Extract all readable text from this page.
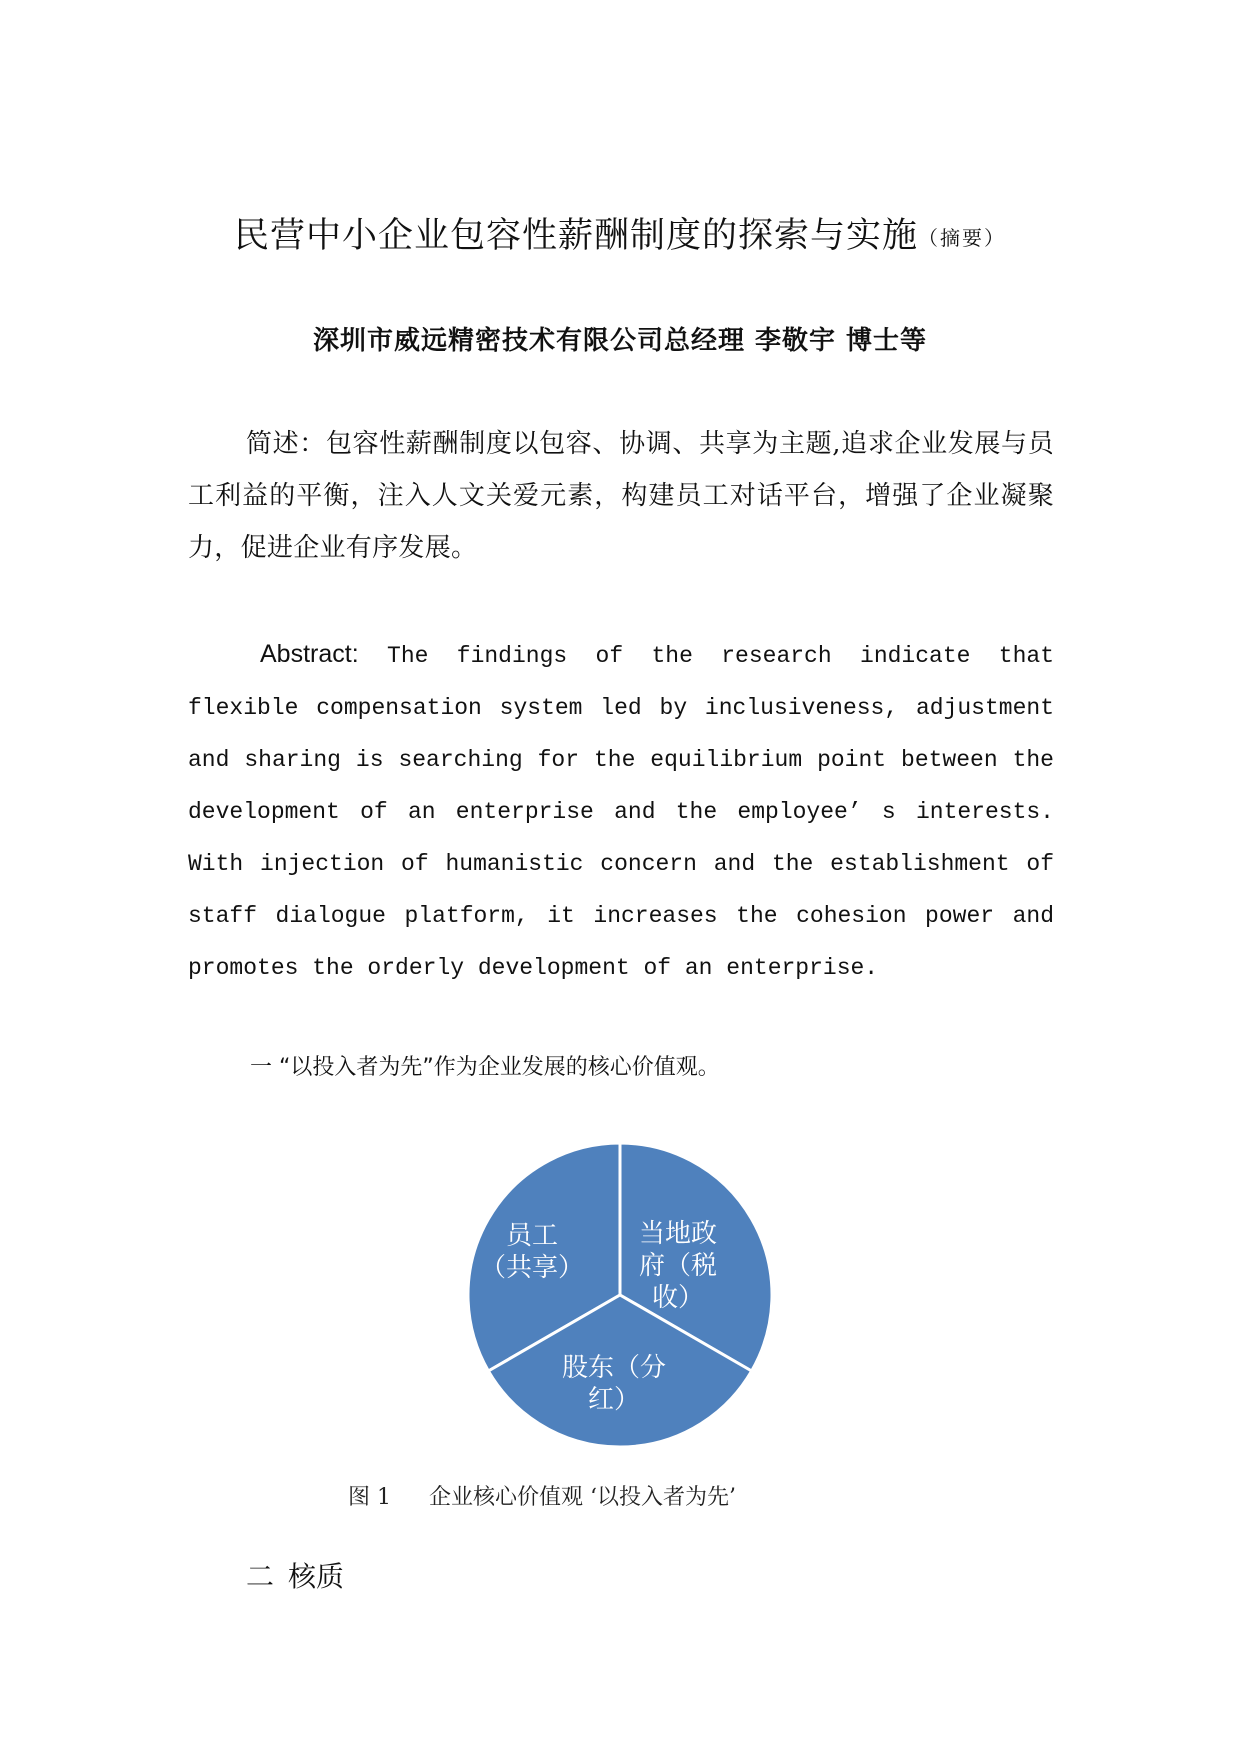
民营中小企业包容性薪酬制度的探索与实施（摘要）
深圳市威远精密技术有限公司总经理 李敬宇 博士等
简述：包容性薪酬制度以包容、协调、共享为主题,追求企业发展与员工利益的平衡，注入人文关爱元素，构建员工对话平台，增强了企业凝聚力，促进企业有序发展。
Abstract: The findings of the research indicate that flexible compensation system led by inclusiveness, adjustment and sharing is searching for the equilibrium point between the development of an enterprise and the employee’ s interests. With injection of humanistic concern and the establishment of staff dialogue platform, it increases the cohesion power and promotes the orderly development of an enterprise.
一 “以投入者为先”作为企业发展的核心价值观。
员工
（共享）
当地政
府（税
收）
股东（分
红）
图 1 企业核心价值观 ‘以投入者为先’
二 核质
